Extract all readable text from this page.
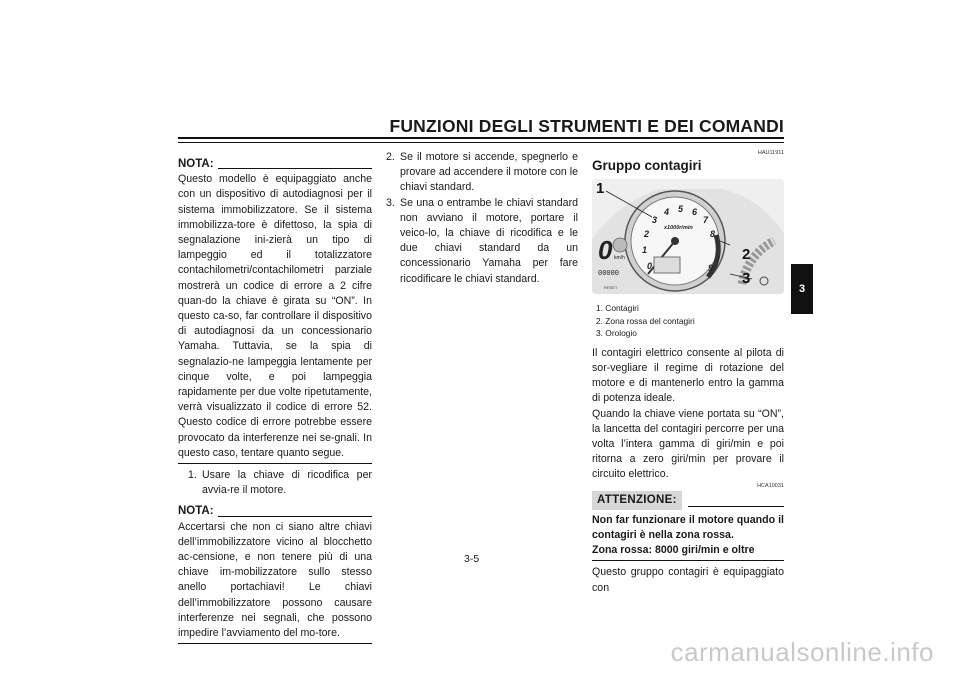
FUNZIONI DEGLI STRUMENTI E DEI COMANDI
3
NOTA:
Questo modello è equipaggiato anche con un dispositivo di autodiagnosi per il sistema immobilizzatore. Se il sistema immobilizza-tore è difettoso, la spia di segnalazione ini-zierà un tipo di lampeggio ed il totalizzatore contachilometri/contachilometri parziale mostrerà un codice di errore a 2 cifre quan-do la chiave è girata su “ON”. In questo ca-so, far controllare il dispositivo di autodiagnosi da un concessionario Yamaha. Tuttavia, se la spia di segnalazio-ne lampeggia lentamente per cinque volte, e poi lampeggia rapidamente per due volte ripetutamente, verrà visualizzato il codice di errore 52. Questo codice di errore potrebbe essere provocato da interferenze nei se-gnali. In questo caso, tentare quanto segue.
1. Usare la chiave di ricodifica per avvia-re il motore.
NOTA:
Accertarsi che non ci siano altre chiavi dell’immobilizzatore vicino al blocchetto ac-censione, e non tenere più di una chiave im-mobilizzatore sullo stesso anello portachiavi! Le chiavi dell’immobilizzatore possono causare interferenze nei segnali, che possono impedire l’avviamento del mo-tore.
2. Se il motore si accende, spegnerlo e provare ad accendere il motore con le chiavi standard.
3. Se una o entrambe le chiavi standard non avviano il motore, portare il veico-lo, la chiave di ricodifica e le due chiavi standard da un concessionario Yamaha per fare ricodificare le chiavi standard.
HAU11911
Gruppo contagiri
0
1
2
3
4 5 6
7
8
9
x1000r/min
0 km/h
00000
RESET
1
2
3
1. Contagiri
2. Zona rossa del contagiri
3. Orologio
Il contagiri elettrico consente al pilota di sor-vegliare il regime di rotazione del motore e di mantenerlo entro la gamma di potenza ideale.
Quando la chiave viene portata su “ON”, la lancetta del contagiri percorre per una volta l’intera gamma di giri/min e poi ritorna a zero giri/min per provare il circuito elettrico.
HCA10031
ATTENZIONE:
Non far funzionare il motore quando il contagiri è nella zona rossa.
Zona rossa: 8000 giri/min e oltre
Questo gruppo contagiri è equipaggiato con
3-5
carmanualsonline.info
